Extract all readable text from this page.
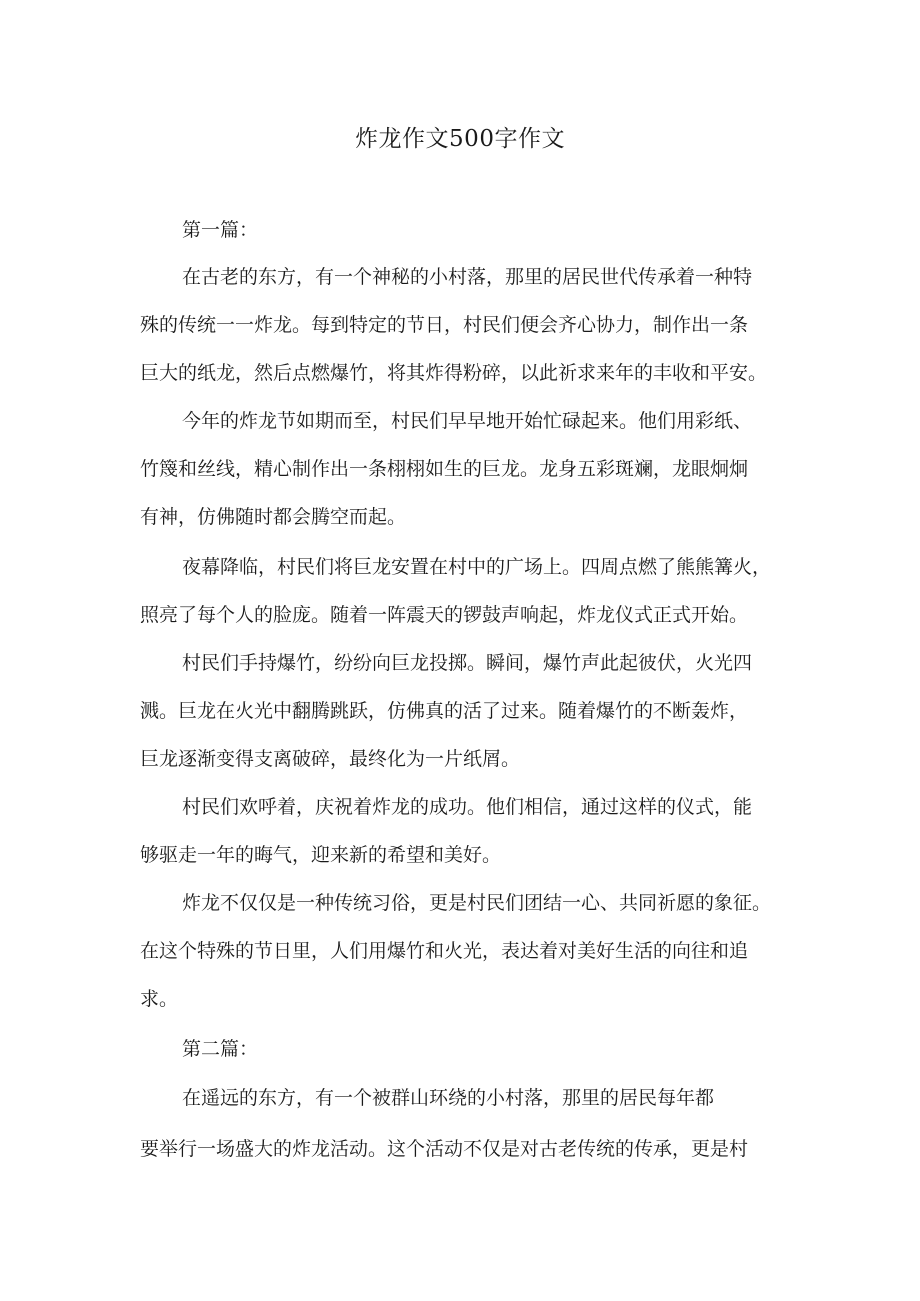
炸龙作文500字作文
第一篇：
在古老的东方，有一个神秘的小村落，那里的居民世代传承着一种特
殊的传统一一炸龙。每到特定的节日，村民们便会齐心协力，制作出一条
巨大的纸龙，然后点燃爆竹，将其炸得粉碎，以此祈求来年的丰收和平安。
今年的炸龙节如期而至，村民们早早地开始忙碌起来。他们用彩纸、
竹篾和丝线，精心制作出一条栩栩如生的巨龙。龙身五彩斑斓，龙眼炯炯
有神，仿佛随时都会腾空而起。
夜幕降临，村民们将巨龙安置在村中的广场上。四周点燃了熊熊篝火，
照亮了每个人的脸庞。随着一阵震天的锣鼓声响起，炸龙仪式正式开始。
村民们手持爆竹，纷纷向巨龙投掷。瞬间，爆竹声此起彼伏，火光四
溅。巨龙在火光中翻腾跳跃，仿佛真的活了过来。随着爆竹的不断轰炸，
巨龙逐渐变得支离破碎，最终化为一片纸屑。
村民们欢呼着，庆祝着炸龙的成功。他们相信，通过这样的仪式，能
够驱走一年的晦气，迎来新的希望和美好。
炸龙不仅仅是一种传统习俗，更是村民们团结一心、共同祈愿的象征。
在这个特殊的节日里，人们用爆竹和火光，表达着对美好生活的向往和追
求。
第二篇：
在遥远的东方，有一个被群山环绕的小村落，那里的居民每年都
要举行一场盛大的炸龙活动。这个活动不仅是对古老传统的传承，更是村
